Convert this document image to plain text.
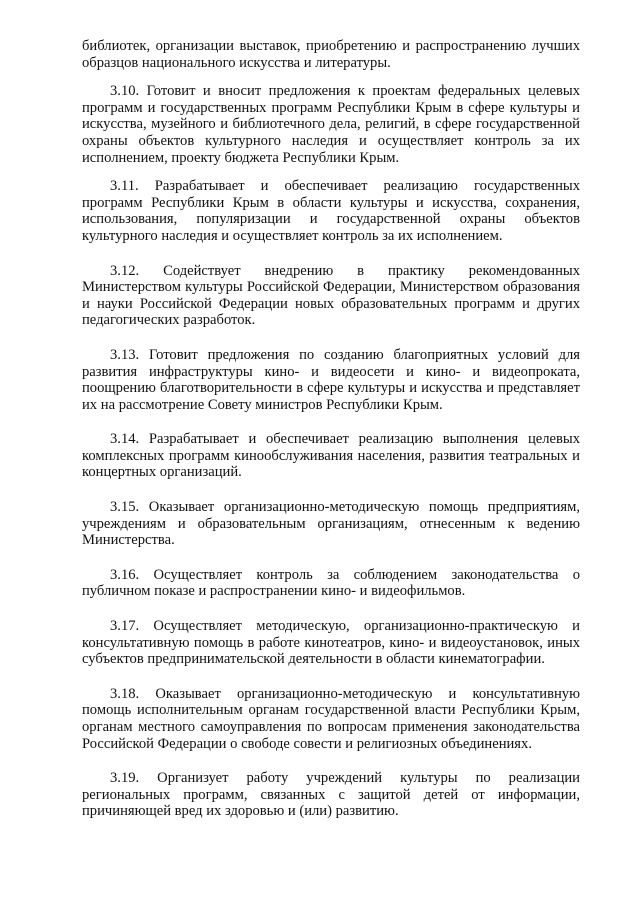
библиотек, организации выставок, приобретению и распространению лучших образцов национального искусства и литературы.

3.10. Готовит и вносит предложения к проектам федеральных целевых программ и государственных программ Республики Крым в сфере культуры и искусства, музейного и библиотечного дела, религий, в сфере государственной охраны объектов культурного наследия и осуществляет контроль за их исполнением, проекту бюджета Республики Крым.

3.11. Разрабатывает и обеспечивает реализацию государственных программ Республики Крым в области культуры и искусства, сохранения, использования, популяризации и государственной охраны объектов культурного наследия и осуществляет контроль за их исполнением.

3.12. Содействует внедрению в практику рекомендованных Министерством культуры Российской Федерации, Министерством образования и науки Российской Федерации новых образовательных программ и других педагогических разработок.

3.13. Готовит предложения по созданию благоприятных условий для развития инфраструктуры кино- и видеосети и кино- и видеопроката, поощрению благотворительности в сфере культуры и искусства и представляет их на рассмотрение Совету министров Республики Крым.

3.14. Разрабатывает и обеспечивает реализацию выполнения целевых комплексных программ кинообслуживания населения, развития театральных и концертных организаций.

3.15. Оказывает организационно-методическую помощь предприятиям, учреждениям и образовательным организациям, отнесенным к ведению Министерства.

3.16. Осуществляет контроль за соблюдением законодательства о публичном показе и распространении кино- и видеофильмов.

3.17. Осуществляет методическую, организационно-практическую и консультативную помощь в работе кинотеатров, кино- и видеоустановок, иных субъектов предпринимательской деятельности в области кинематографии.

3.18. Оказывает организационно-методическую и консультативную помощь исполнительным органам государственной власти Республики Крым, органам местного самоуправления по вопросам применения законодательства Российской Федерации о свободе совести и религиозных объединениях.

3.19. Организует работу учреждений культуры по реализации региональных программ, связанных с защитой детей от информации, причиняющей вред их здоровью и (или) развитию.
